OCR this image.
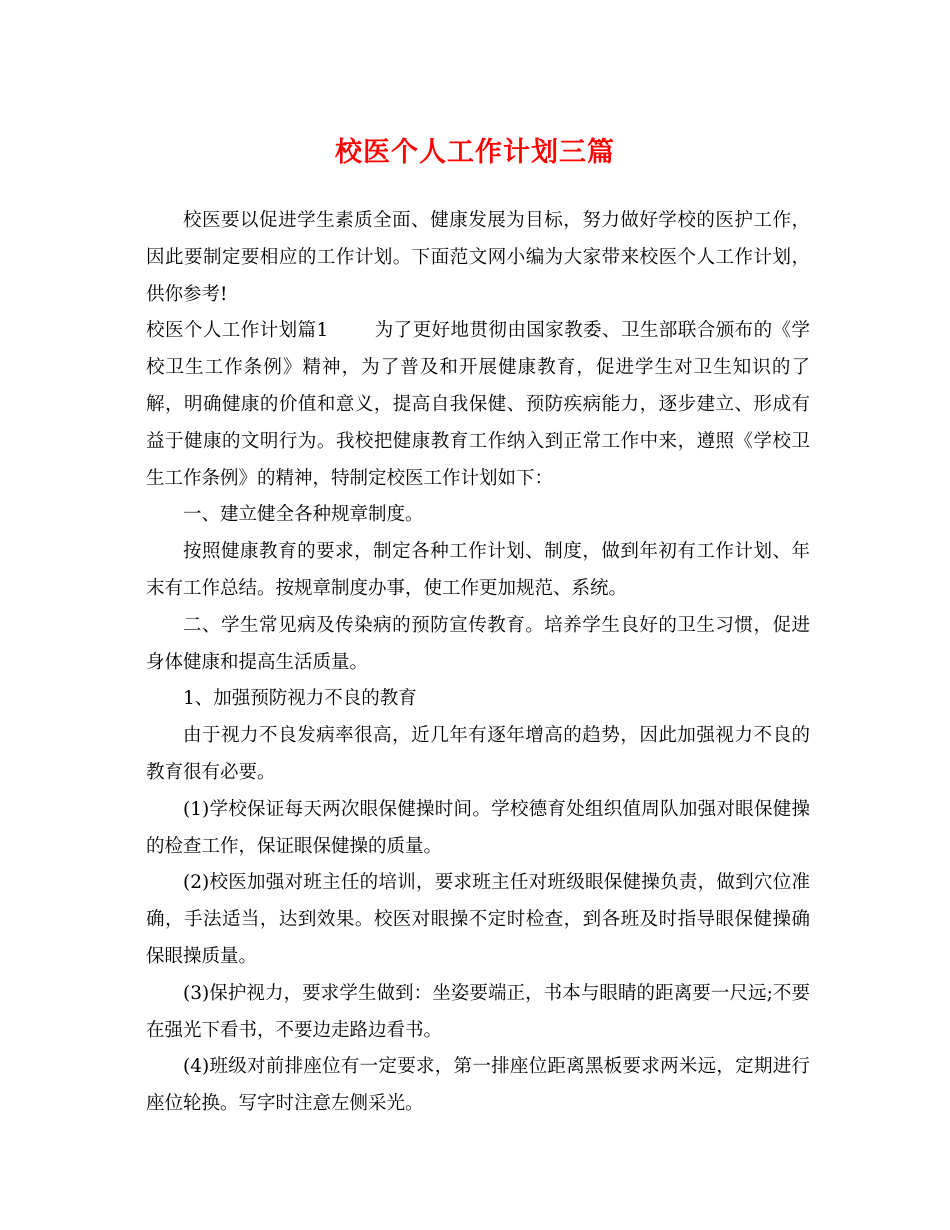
校医个人工作计划三篇

校医要以促进学生素质全面、健康发展为目标，努力做好学校的医护工作，因此要制定要相应的工作计划。下面范文网小编为大家带来校医个人工作计划，供你参考!

校医个人工作计划篇1 为了更好地贯彻由国家教委、卫生部联合颁布的《学校卫生工作条例》精神，为了普及和开展健康教育，促进学生对卫生知识的了解，明确健康的价值和意义，提高自我保健、预防疾病能力，逐步建立、形成有益于健康的文明行为。我校把健康教育工作纳入到正常工作中来，遵照《学校卫生工作条例》的精神，特制定校医工作计划如下：

一、建立健全各种规章制度。

按照健康教育的要求，制定各种工作计划、制度，做到年初有工作计划、年末有工作总结。按规章制度办事，使工作更加规范、系统。

二、学生常见病及传染病的预防宣传教育。培养学生良好的卫生习惯，促进身体健康和提高生活质量。

1、加强预防视力不良的教育

由于视力不良发病率很高，近几年有逐年增高的趋势，因此加强视力不良的教育很有必要。

(1)学校保证每天两次眼保健操时间。学校德育处组织值周队加强对眼保健操的检查工作，保证眼保健操的质量。

(2)校医加强对班主任的培训，要求班主任对班级眼保健操负责，做到穴位准确，手法适当，达到效果。校医对眼操不定时检查，到各班及时指导眼保健操确保眼操质量。

(3)保护视力，要求学生做到：坐姿要端正，书本与眼睛的距离要一尺远;不要在强光下看书，不要边走路边看书。

(4)班级对前排座位有一定要求，第一排座位距离黑板要求两米远，定期进行座位轮换。写字时注意左侧采光。
